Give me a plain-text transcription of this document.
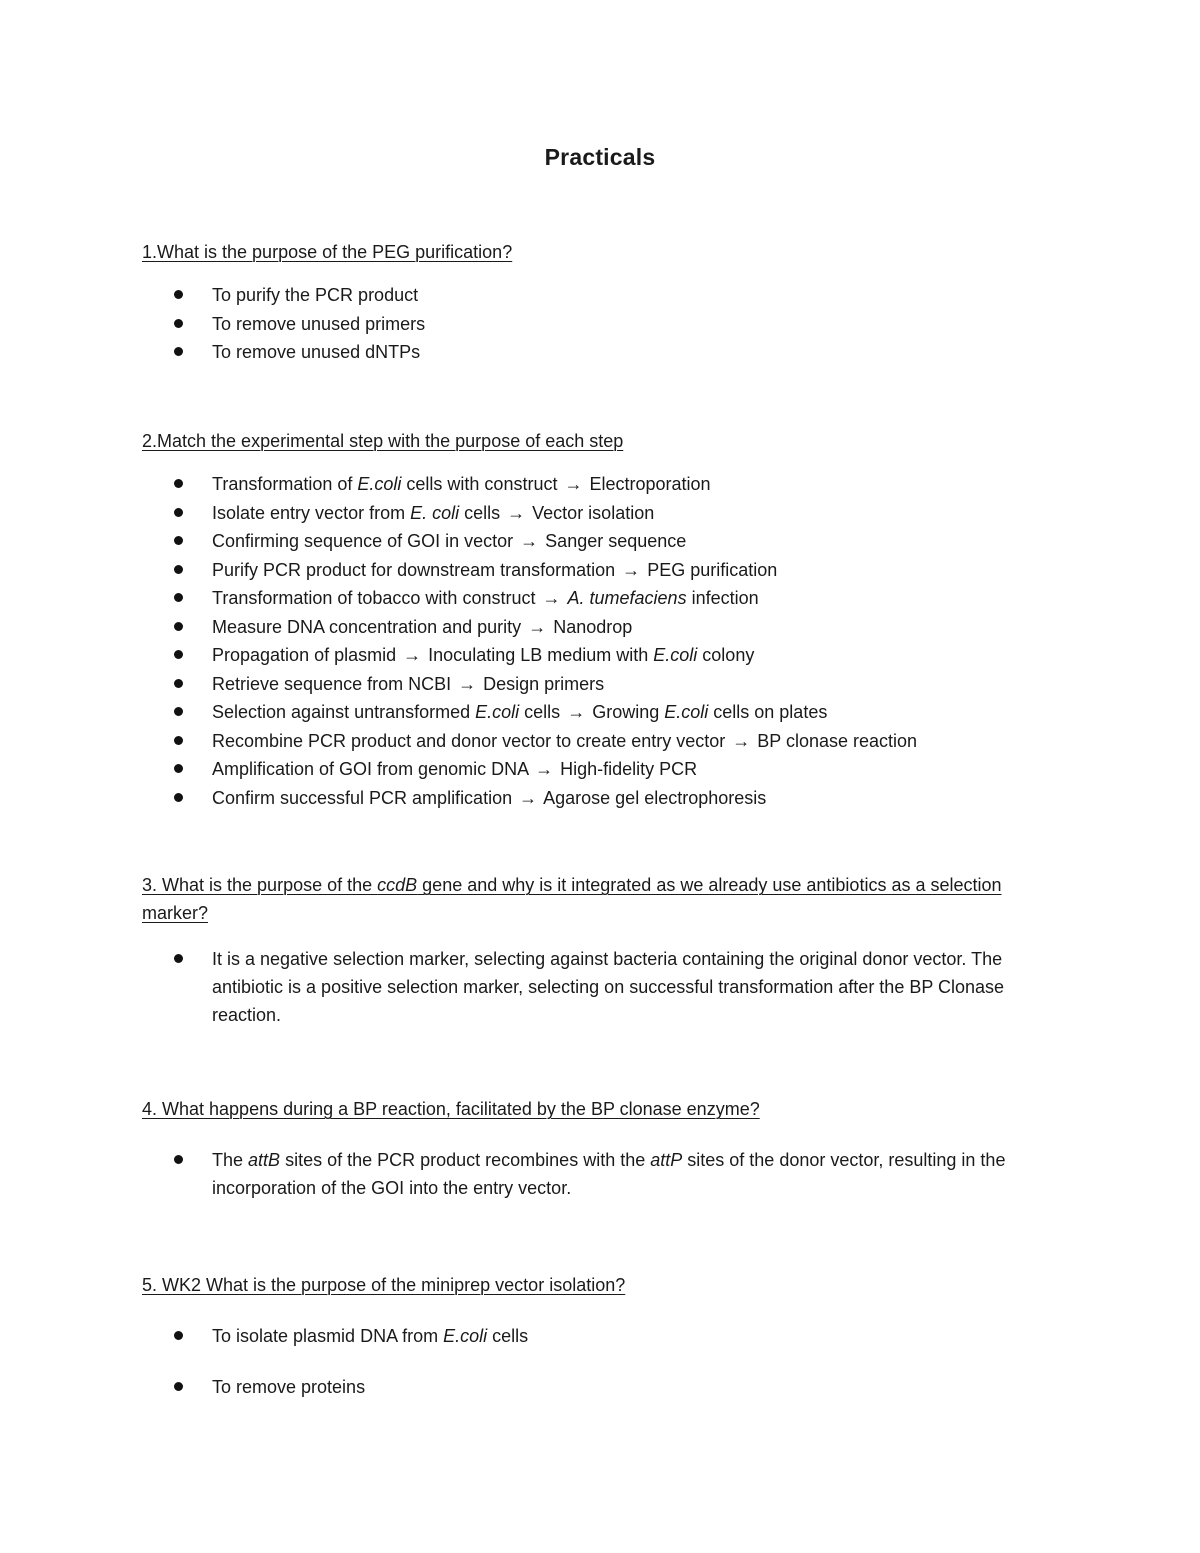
Practicals
1.What is the purpose of the PEG purification?
To purify the PCR product
To remove unused primers
To remove unused dNTPs
2.Match the experimental step with the purpose of each step
Transformation of E.coli cells with construct → Electroporation
Isolate entry vector from E. coli cells → Vector isolation
Confirming sequence of GOI in vector → Sanger sequence
Purify PCR product for downstream transformation → PEG purification
Transformation of tobacco with construct → A. tumefaciens infection
Measure DNA concentration and purity → Nanodrop
Propagation of plasmid → Inoculating LB medium with E.coli colony
Retrieve sequence from NCBI → Design primers
Selection against untransformed E.coli cells → Growing E.coli cells on plates
Recombine PCR product and donor vector to create entry vector → BP clonase reaction
Amplification of GOI from genomic DNA → High-fidelity PCR
Confirm successful PCR amplification → Agarose gel electrophoresis
3. What is the purpose of the ccdB gene and why is it integrated as we already use antibiotics as a selection marker?
It is a negative selection marker, selecting against bacteria containing the original donor vector. The antibiotic is a positive selection marker, selecting on successful transformation after the BP Clonase reaction.
4. What happens during a BP reaction, facilitated by the BP clonase enzyme?
The attB sites of the PCR product recombines with the attP sites of the donor vector, resulting in the incorporation of the GOI into the entry vector.
5. WK2 What is the purpose of the miniprep vector isolation?
To isolate plasmid DNA from E.coli cells
To remove proteins
